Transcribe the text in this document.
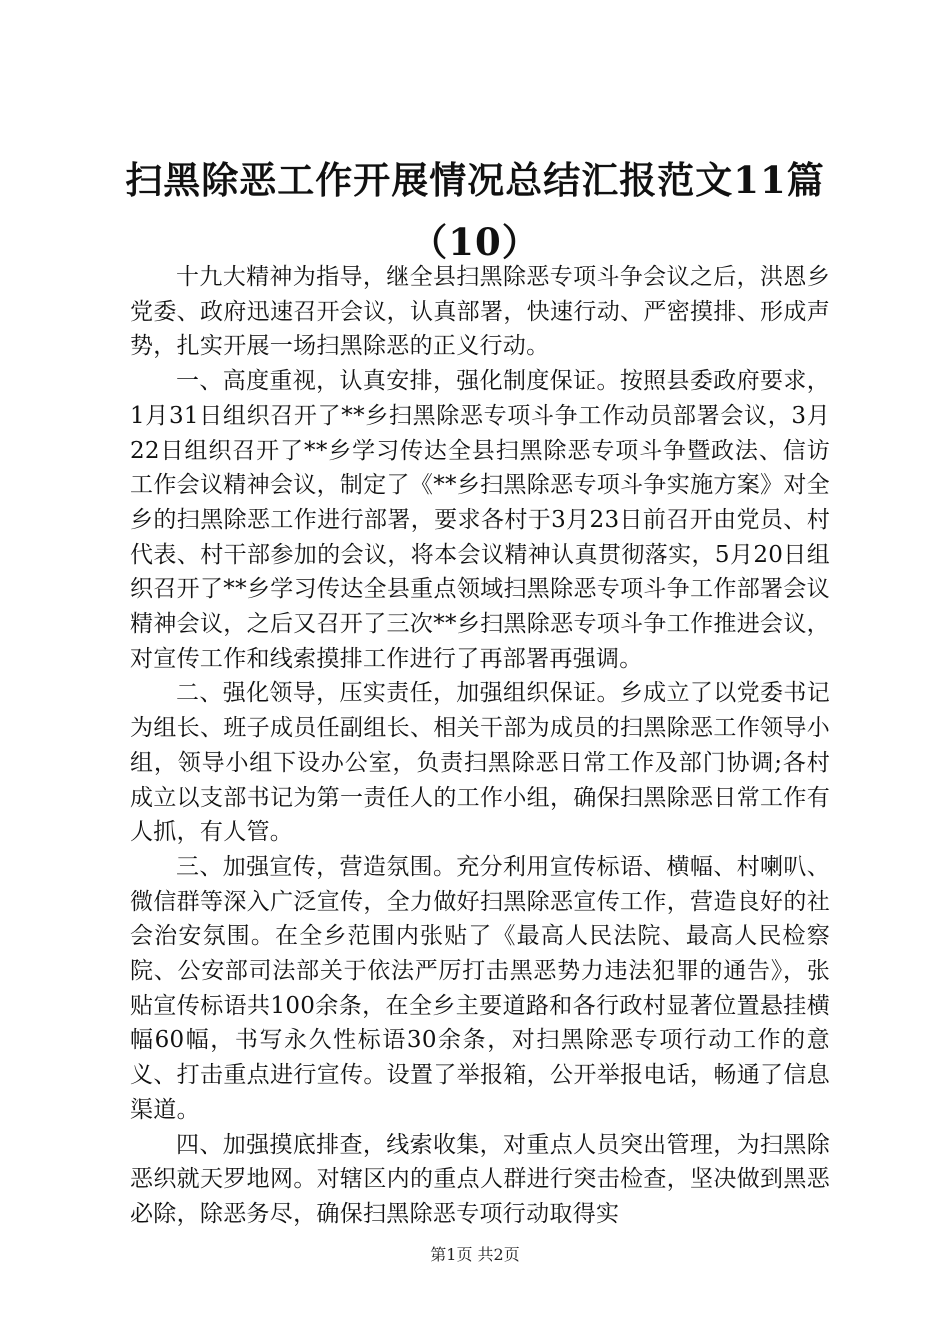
扫黑除恶工作开展情况总结汇报范文11篇
（10）

十九大精神为指导，继全县扫黑除恶专项斗争会议之后，洪恩乡党委、政府迅速召开会议，认真部署，快速行动、严密摸排、形成声势，扎实开展一场扫黑除恶的正义行动。

一、高度重视，认真安排，强化制度保证。按照县委政府要求，1月31日组织召开了**乡扫黑除恶专项斗争工作动员部署会议，3月22日组织召开了**乡学习传达全县扫黑除恶专项斗争暨政法、信访工作会议精神会议，制定了《**乡扫黑除恶专项斗争实施方案》对全乡的扫黑除恶工作进行部署，要求各村于3月23日前召开由党员、村代表、村干部参加的会议，将本会议精神认真贯彻落实，5月20日组织召开了**乡学习传达全县重点领域扫黑除恶专项斗争工作部署会议精神会议，之后又召开了三次**乡扫黑除恶专项斗争工作推进会议，对宣传工作和线索摸排工作进行了再部署再强调。

二、强化领导，压实责任，加强组织保证。乡成立了以党委书记为组长、班子成员任副组长、相关干部为成员的扫黑除恶工作领导小组，领导小组下设办公室，负责扫黑除恶日常工作及部门协调;各村成立以支部书记为第一责任人的工作小组，确保扫黑除恶日常工作有人抓，有人管。

三、加强宣传，营造氛围。充分利用宣传标语、横幅、村喇叭、微信群等深入广泛宣传，全力做好扫黑除恶宣传工作，营造良好的社会治安氛围。在全乡范围内张贴了《最高人民法院、最高人民检察院、公安部司法部关于依法严厉打击黑恶势力违法犯罪的通告》，张贴宣传标语共100余条，在全乡主要道路和各行政村显著位置悬挂横幅60幅，书写永久性标语30余条，对扫黑除恶专项行动工作的意义、打击重点进行宣传。设置了举报箱，公开举报电话，畅通了信息渠道。

四、加强摸底排查，线索收集，对重点人员突出管理，为扫黑除恶织就天罗地网。对辖区内的重点人群进行突击检查，坚决做到黑恶必除，除恶务尽，确保扫黑除恶专项行动取得实

第1页 共2页
